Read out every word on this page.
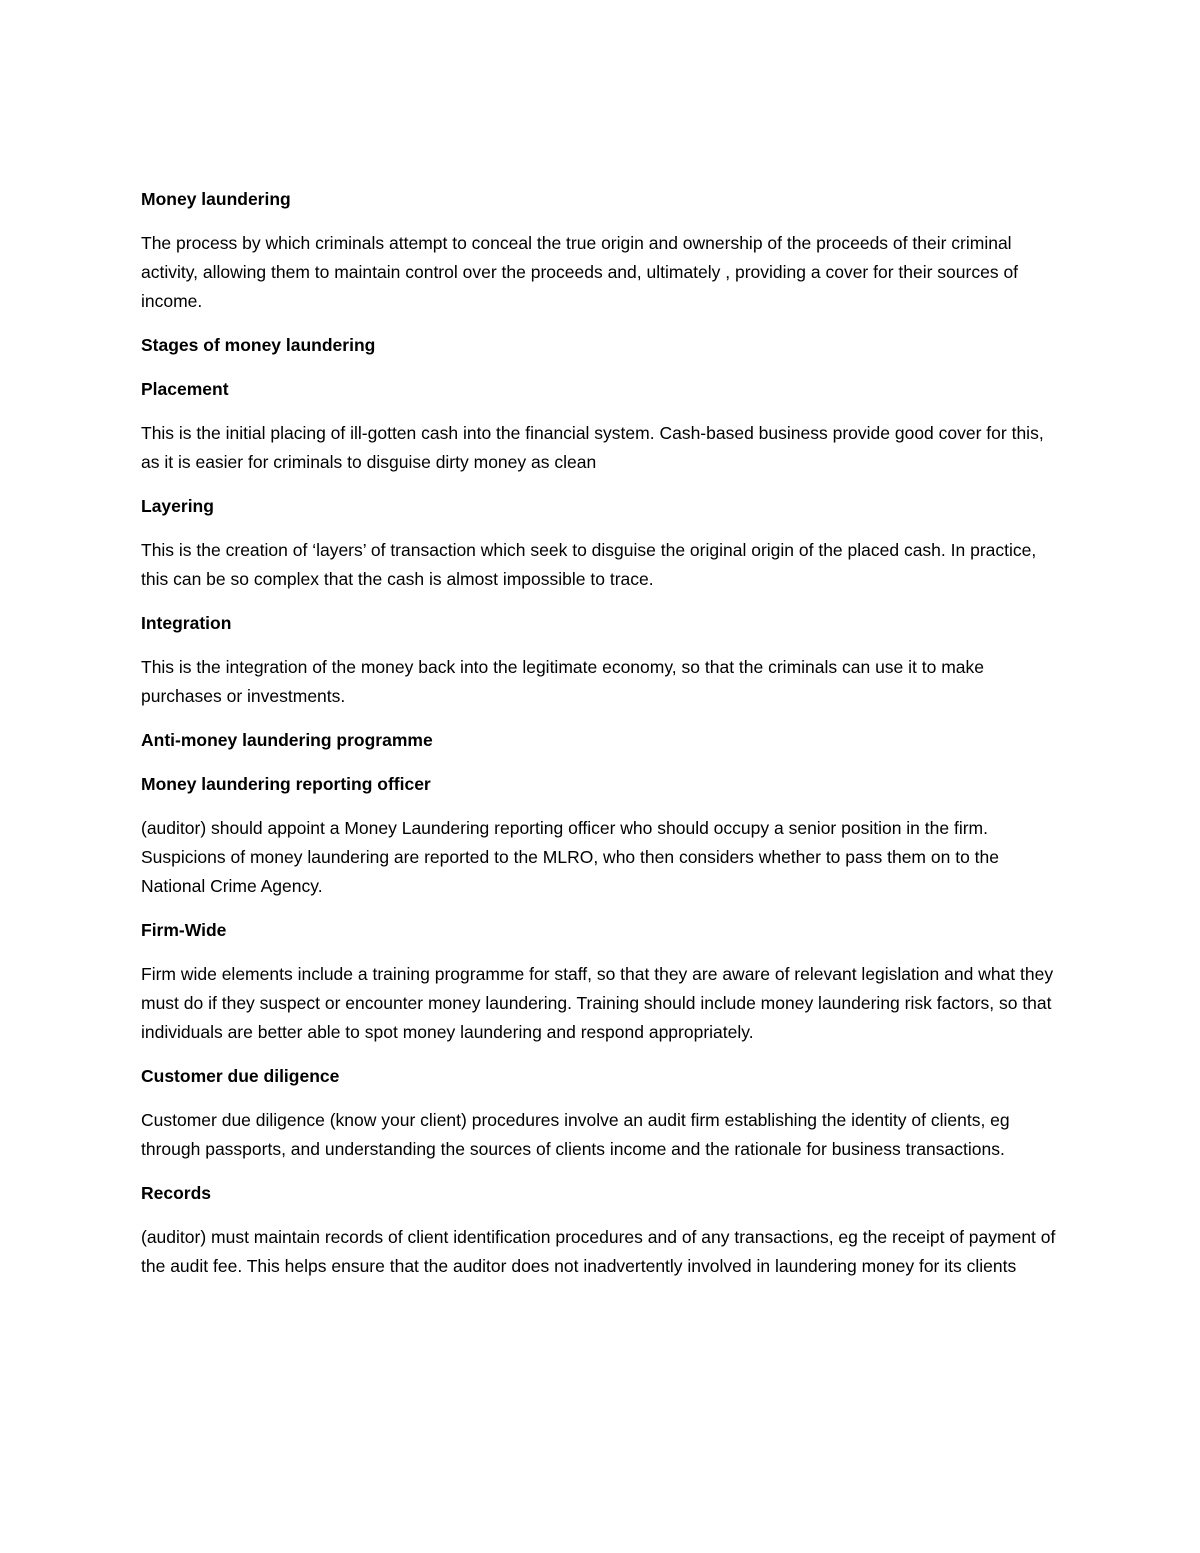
Money laundering
The process by which criminals attempt to conceal the true origin and ownership of the proceeds of their criminal activity, allowing them to maintain control over the proceeds and, ultimately , providing a cover for their sources of income.
Stages of money laundering
Placement
This is the initial placing of ill-gotten cash into the financial system. Cash-based business provide good cover for this, as it is easier for criminals to disguise dirty money as clean
Layering
This is the creation of ‘layers’ of transaction which seek to disguise the original origin of the placed cash. In practice, this can be so complex that the cash is almost impossible to trace.
Integration
This is the integration of the money back into the legitimate economy, so that the criminals can use it to make purchases or investments.
Anti-money laundering programme
Money laundering reporting officer
(auditor) should appoint a Money Laundering reporting officer who should occupy a senior position in the firm. Suspicions of money laundering are reported to the MLRO, who then considers whether to pass them on to the National Crime Agency.
Firm-Wide
Firm wide elements include a training programme for staff, so that they are aware of relevant legislation and what they must do if they suspect or encounter money laundering. Training should include money laundering risk factors, so that individuals are better able to spot money laundering and respond appropriately.
Customer due diligence
Customer due diligence (know your client) procedures involve an audit firm establishing the identity of clients, eg through passports, and understanding the sources of clients income and the rationale for business transactions.
Records
(auditor) must maintain records of client identification procedures and of any transactions, eg the receipt of payment of the audit fee. This helps ensure that the auditor does not inadvertently involved in laundering money for its clients
